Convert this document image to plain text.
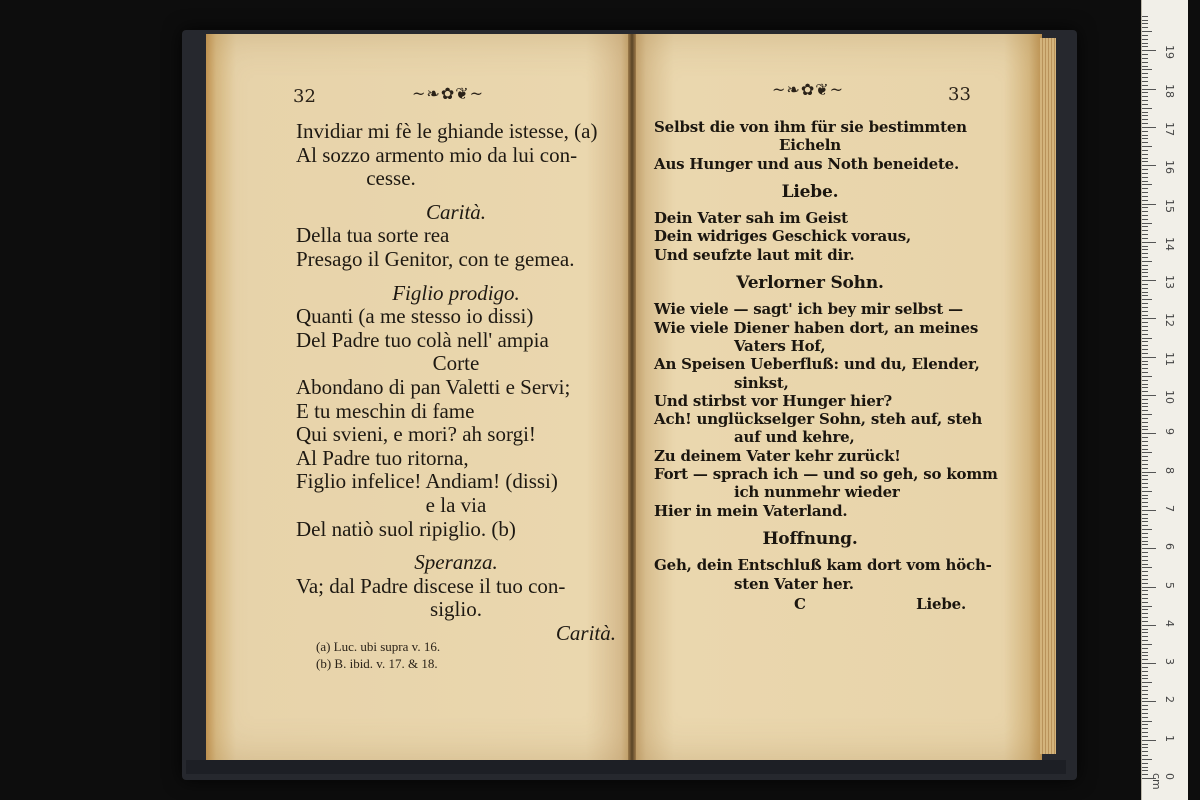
32	~❧✿❦~
Invidiar mi fè le ghiande istesse, (a)
Al sozzo armento mio da lui con-
cesse.
Carità.
Della tua sorte rea
Presago il Genitor, con te gemea.
Figlio prodigo.
Quanti (a me stesso io dissi)
Del Padre tuo colà nell' ampia
Corte
Abondano di pan Valetti e Servi;
E tu meschin di fame
Qui svieni, e mori? ah sorgi!
Al Padre tuo ritorna,
Figlio infelice! Andiam! (dissi)
e la via
Del natiò suol ripiglio. (b)
Speranza.
Va; dal Padre discese il tuo con-
siglio.
Carità.
(a) Luc. ubi supra v. 16.
(b) B. ibid. v. 17. & 18.
~❧✿❦~	33
Selbst die von ihm für sie bestimmten
Eicheln
Aus Hunger und aus Noth beneidete.
Liebe.
Dein Vater sah im Geist
Dein widriges Geschick voraus,
Und seufzte laut mit dir.
Verlorner Sohn.
Wie viele — sagt' ich bey mir selbst —
Wie viele Diener haben dort, an meines
Vaters Hof,
An Speisen Ueberfluß: und du, Elender,
sinkst,
Und stirbst vor Hunger hier?
Ach! unglückselger Sohn, steh auf, steh
auf und kehre,
Zu deinem Vater kehr zurück!
Fort — sprach ich — und so geh, so komm
ich nunmehr wieder
Hier in mein Vaterland.
Hoffnung.
Geh, dein Entschluß kam dort vom höch-
sten Vater her.
C	Liebe.
0 cm
1
2
3
4
5
6
7
8
9
10
11
12
13
14
15
16
17
18
19
